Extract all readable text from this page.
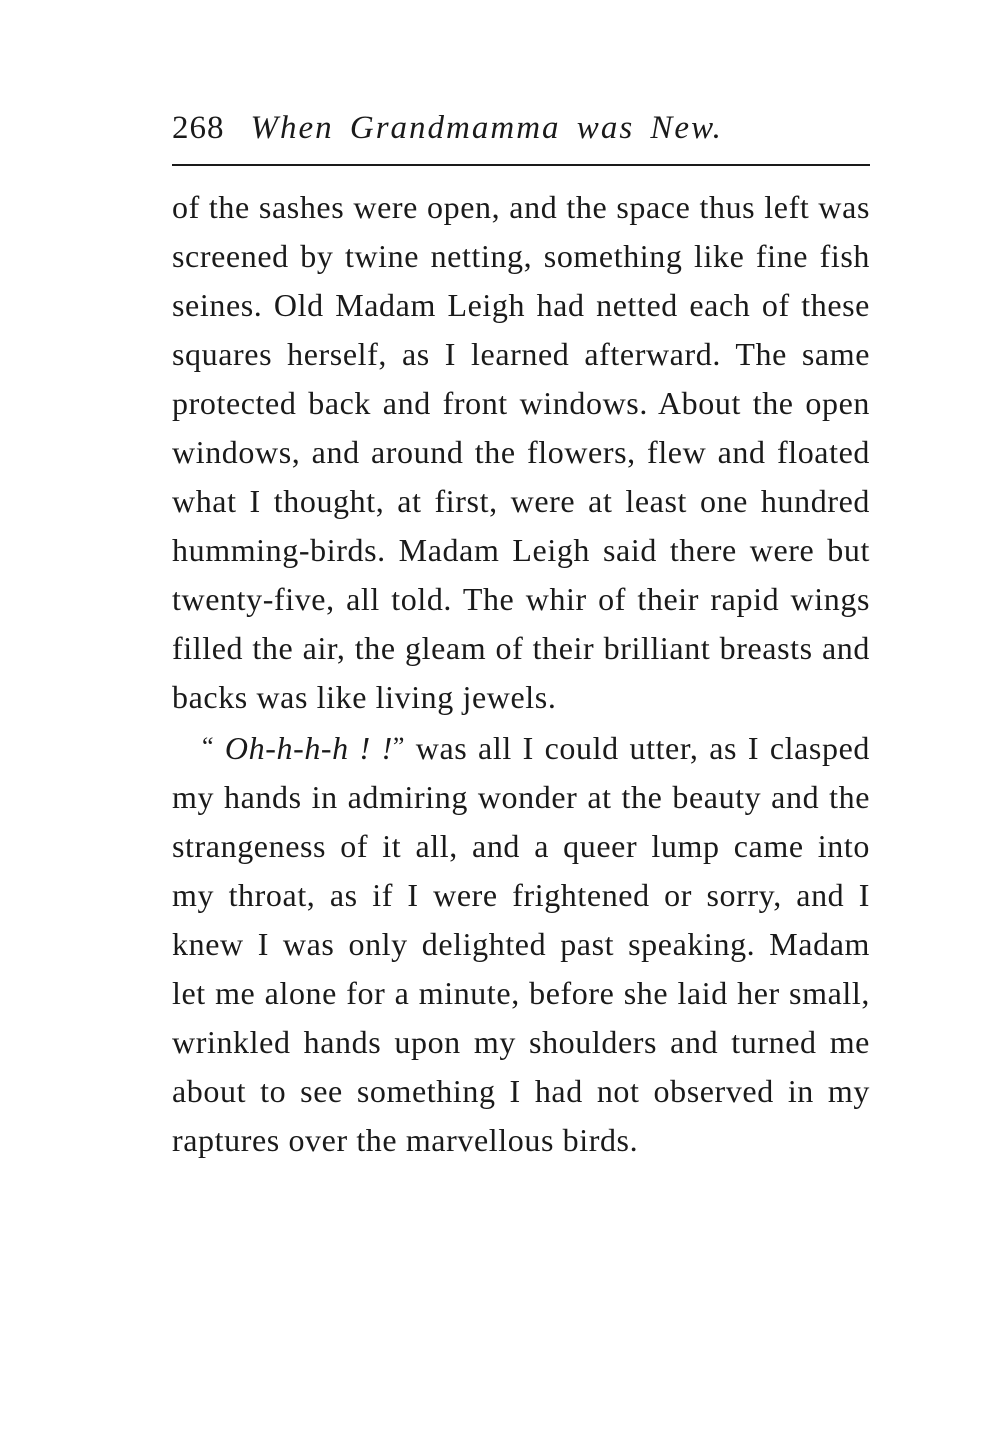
268 When Grandmamma was New.

of the sashes were open, and the space thus left was screened by twine netting, something like fine fish seines. Old Madam Leigh had netted each of these squares herself, as I learned afterward. The same protected back and front windows. About the open windows, and around the flowers, flew and floated what I thought, at first, were at least one hundred humming-birds. Madam Leigh said there were but twenty-five, all told. The whir of their rapid wings filled the air, the gleam of their brilliant breasts and backs was like living jewels.

“ Oh-h-h-h ! !” was all I could utter, as I clasped my hands in admiring wonder at the beauty and the strangeness of it all, and a queer lump came into my throat, as if I were frightened or sorry, and I knew I was only delighted past speaking. Madam let me alone for a minute, before she laid her small, wrinkled hands upon my shoulders and turned me about to see something I had not observed in my raptures over the marvellous birds.
